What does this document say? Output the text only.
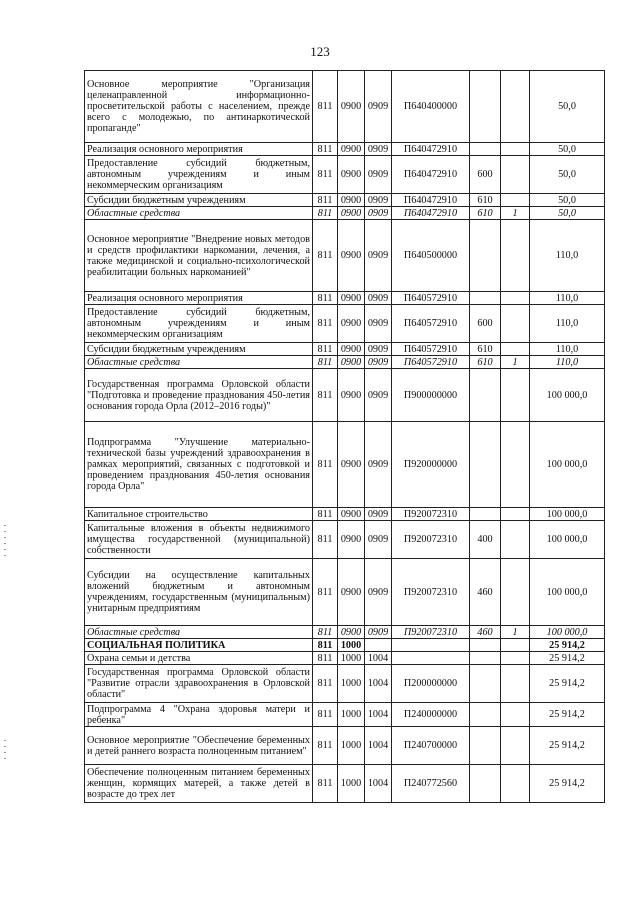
123
Основное мероприятие "Организация целенаправленной информационно-просветительской работы с населением, прежде всего с молодежью, по антинаркотической пропаганде"	811	0900	0909	П640400000			50,0
Реализация основного мероприятия	811	0900	0909	П640472910			50,0
Предоставление субсидий бюджетным, автономным учреждениям и иным некоммерческим организациям	811	0900	0909	П640472910	600		50,0
Субсидии бюджетным учреждениям	811	0900	0909	П640472910	610		50,0
Областные средства	811	0900	0909	П640472910	610	1	50,0
Основное мероприятие "Внедрение новых методов и средств профилактики наркомании, лечения, а также медицинской и социально-психологической реабилитации больных наркоманией"	811	0900	0909	П640500000			110,0
Реализация основного мероприятия	811	0900	0909	П640572910			110,0
Предоставление субсидий бюджетным, автономным учреждениям и иным некоммерческим организациям	811	0900	0909	П640572910	600		110,0
Субсидии бюджетным учреждениям	811	0900	0909	П640572910	610		110,0
Областные средства	811	0900	0909	П640572910	610	1	110,0
Государственная программа Орловской области "Подготовка и проведение празднования 450-летия основания города Орла (2012–2016 годы)"	811	0900	0909	П900000000			100 000,0
Подпрограмма "Улучшение материально-технической базы учреждений здравоохранения в рамках мероприятий, связанных с подготовкой и проведением празднования 450-летия основания города Орла"	811	0900	0909	П920000000			100 000,0
Капитальное строительство	811	0900	0909	П920072310			100 000,0
Капитальные вложения в объекты недвижимого имущества государственной (муниципальной) собственности	811	0900	0909	П920072310	400		100 000,0
Субсидии на осуществление капитальных вложений бюджетным и автономным учреждениям, государственным (муниципальным) унитарным предприятиям	811	0900	0909	П920072310	460		100 000,0
Областные средства	811	0900	0909	П920072310	460	1	100 000,0
СОЦИАЛЬНАЯ ПОЛИТИКА	811	1000					25 914,2
Охрана семьи и детства	811	1000	1004				25 914,2
Государственная программа Орловской области "Развитие отрасли здравоохранения в Орловской области"	811	1000	1004	П200000000			25 914,2
Подпрограмма 4 "Охрана здоровья матери и ребенка"	811	1000	1004	П240000000			25 914,2
Основное мероприятие "Обеспечение беременных и детей раннего возраста полноценным питанием"	811	1000	1004	П240700000			25 914,2
Обеспечение полноценным питанием беременных женщин, кормящих матерей, а также детей в возрасте до трех лет	811	1000	1004	П240772560			25 914,2
